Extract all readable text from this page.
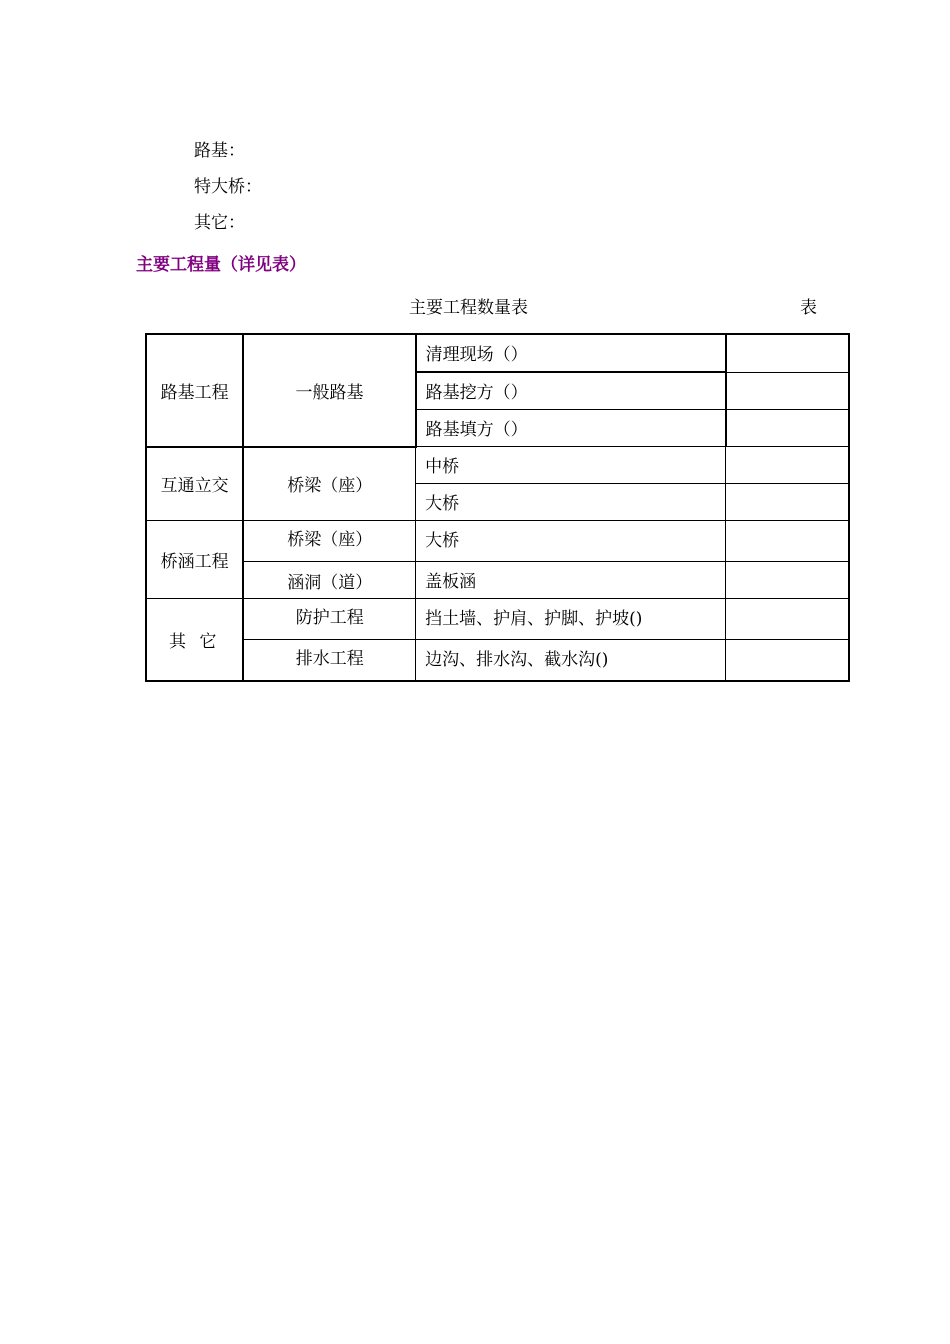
路基：
特大桥：
其它：
主要工程量（详见表）
主要工程数量表	表
路基工程	一般路基	清理现场（）	
		路基挖方（）	
		路基填方（）	
互通立交	桥梁（座）	中桥	
		大桥	
桥涵工程	桥梁（座）	大桥	
	涵洞（道）	盖板涵	
其 它	防护工程	挡土墙、护肩、护脚、护坡()	
	排水工程	边沟、排水沟、截水沟()	
